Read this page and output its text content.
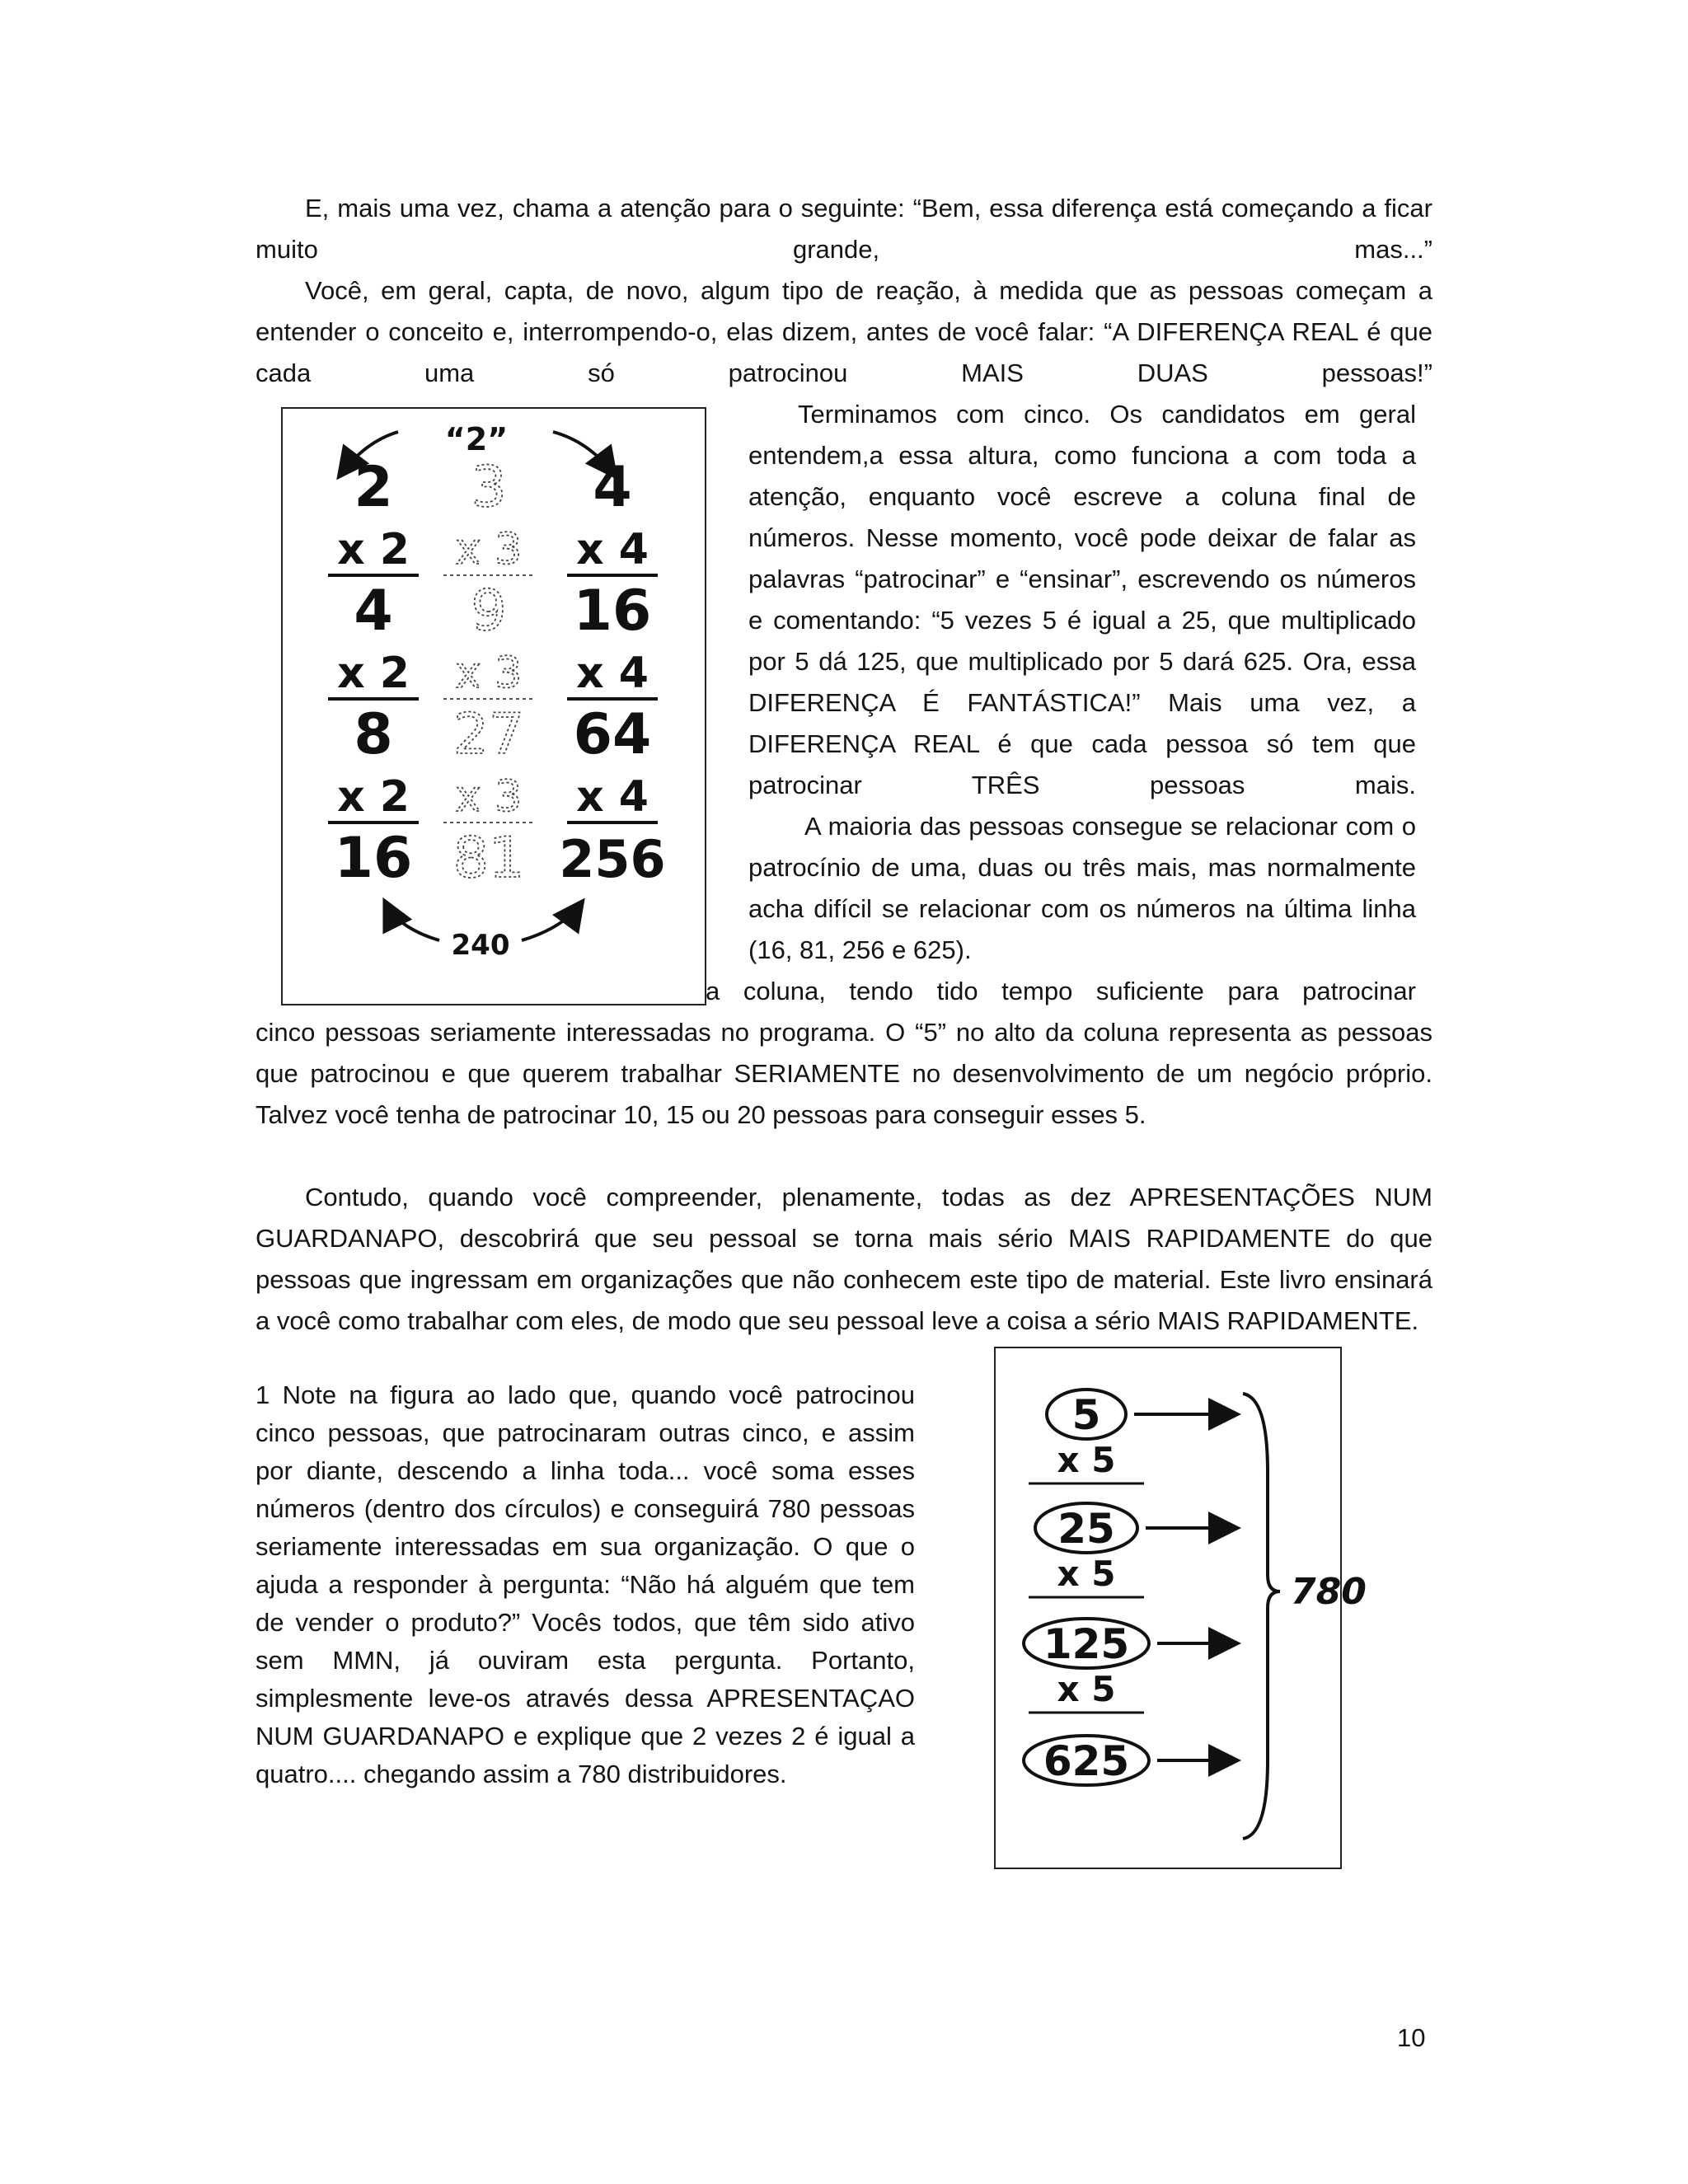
E, mais uma vez, chama a atenção para o seguinte: “Bem, essa diferença está começando a ficar muito grande, mas...”

Você, em geral, capta, de novo, algum tipo de reação, à medida que as pessoas começam a entender o conceito e, interrompendo-o, elas dizem, antes de você falar: “A DIFERENÇA REAL é que cada uma só patrocinou MAIS DUAS pessoas!”

“2”
240
2
4
8
16
x 2
x 2
x 2
3
9
27
81
x 3
x 3
x 3
4
16
64
256
x 4
x 4
x 4

Terminamos com cinco. Os candidatos em geral entendem,a essa altura, como funciona a com toda a atenção, enquanto você escreve a coluna final de números. Nesse momento, você pode deixar de falar as palavras “patrocinar” e “ensinar”, escrevendo os números e comentando: “5 vezes 5 é igual a 25, que multiplicado por 5 dá 125, que multiplicado por 5 dará 625. Ora, essa DIFERENÇA É FANTÁSTICA!” Mais uma vez, a DIFERENÇA REAL é que cada pessoa só tem que patrocinar TRÊS pessoas mais.

A maioria das pessoas consegue se relacionar com o patrocínio de uma, duas ou três mais, mas normalmente acha difícil se relacionar com os números na última linha (16, 81, 256 e 625).

a coluna, tendo tido tempo suficiente para patrocinar

cinco pessoas seriamente interessadas no programa. O “5” no alto da coluna representa as pessoas que patrocinou e que querem trabalhar SERIAMENTE no desenvolvimento de um negócio próprio. Talvez você tenha de patrocinar 10, 15 ou 20 pessoas para conseguir esses 5.

Contudo, quando você compreender, plenamente, todas as dez APRESENTAÇÕES NUM GUARDANAPO, descobrirá que seu pessoal se torna mais sério MAIS RAPIDAMENTE do que pessoas que ingressam em organizações que não conhecem este tipo de material. Este livro ensinará a você como trabalhar com eles, de modo que seu pessoal leve a coisa a sério MAIS RAPIDAMENTE.

1 Note na figura ao lado que, quando você patrocinou cinco pessoas, que patrocinaram outras cinco, e assim por diante, descendo a linha toda... você soma esses números (dentro dos círculos) e conseguirá 780 pessoas seriamente interessadas em sua organização. O que o ajuda a responder à pergunta: “Não há alguém que tem de vender o produto?” Vocês todos, que têm sido ativo sem MMN, já ouviram esta pergunta. Portanto, simplesmente leve-os através dessa APRESENTAÇAO NUM GUARDANAPO e explique que 2 vezes 2 é igual a quatro.... chegando assim a 780 distribuidores.

5
x 5
25
x 5
125
x 5
625
780
10
